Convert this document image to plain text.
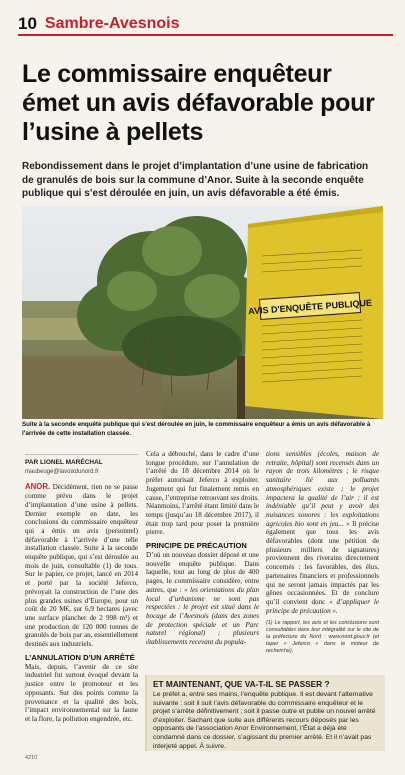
10 Sambre-Avesnois
Le commissaire enquêteur émet un avis défavorable pour l’usine à pellets

Rebondissement dans le projet d’implantation d’une usine de fabrication de granulés de bois sur la commune d’Anor. Suite à la seconde enquête publique qui s’est déroulée en juin, un avis défavorable a été émis.

AVIS D'ENQUÊTE PUBLIQUE

Suite à la seconde enquête publique qui s’est déroulée en juin, le commissaire enquêteur a émis un avis défavorable à l’arrivée de cette installation classée.

PAR LIONEL MARÉCHAL
maubeuge@lavoixdunord.fr

ANOR. Décidément, rien ne se passe comme prévu dans le projet d’implantation d’une usine à pellets. Dernier exemple en date, les conclusions du commissaire enquêteur qui a émis un avis (personnel) défavorable à l’arrivée d’une telle installation classée. Suite à la seconde enquête publique, qui s’est déroulée au mois de juin, consultable (1) de tous. Sur le papier, ce projet, lancé en 2014 et porté par la société Jeferco, prévoyait la construction de l’une des plus grandes usines d’Europe, pour un coût de 20 M€, sur 6,9 hectares (avec une surface plancher de 2 998 m²) et une production de 120 000 tonnes de granulés de bois par an, essentiellement destinés aux industriels.

L’ANNULATION D’UN ARRÊTÉ

Mais, depuis, l’avenir de ce site industriel fut surtout évoqué devant la justice entre le promoteur et les opposants. Sur des points comme la provenance et la qualité des bois, l’impact environnemental sur la faune et la flore, la pollution engendrée, etc.

Cela a débouché, dans le cadre d’une longue procédure, sur l’annulation de l’arrêté du 18 décembre 2014 où le préfet autorisait Jeferco à exploiter. Jugement qui fut finalement remis en cause, l’entreprise retrouvant ses droits. Néanmoins, l’arrêté étant limité dans le temps (jusqu’au 18 décembre 2017), il était trop tard pour poser la première pierre.

PRINCIPE DE PRÉCAUTION

D’où un nouveau dossier déposé et une nouvelle enquête publique. Dans laquelle, tout au long de plus de 400 pages, le commissaire considère, entre autres, que : « les orientations du plan local d’urbanisme ne sont pas respectées : le projet est situé dans le bocage de l’Avesnois (dans des zones de protection spéciale et un Parc naturel régional) ; plusieurs établissements recevant du popula-

tions sensibles (écoles, maison de retraite, hôpital) sont recensés dans un rayon de trois kilomètres ; le risque sanitaire lié aux polluants atmosphériques existe ; le projet impactera la qualité de l’air ; il est indéniable qu’il peut y avoir des nuisances sonores : les exploitations agricoles bio sont en jeu... » Il précise également que tous les avis défavorables (dont une pétition de plusieurs milliers de signatures) proviennent des riverains directement concernés : les favorables, des élus, partenaires financiers et professionnels qui ne seront jamais impactés par les gênes occasionnées. Et de conclure qu’il convient donc « d’appliquer le principe de précaution ».

(1) Le rapport, les avis et les conclusions sont consultables dans leur intégralité sur le site de la préfecture du Nord : www.nord.gouv.fr (et taper « Jeferco » dans le moteur de recherche).

ET MAINTENANT, QUE VA-T-IL SE PASSER ?

Le préfet a, entre ses mains, l’enquête publique. Il est devant l’alternative suivante : soit il suit l’avis défavorable du commissaire enquêteur et le projet s’arrête définitivement ; soit il passe outre et publie un nouvel arrêté d’exploiter. Sachant que suite aux différents recours déposés par les opposants de l’association Anor Environnement, l’État a déjà été condamné dans ce dossier, s’agissant du premier arrêté. Et il n’avait pas interjeté appel. À suivre.

4210
